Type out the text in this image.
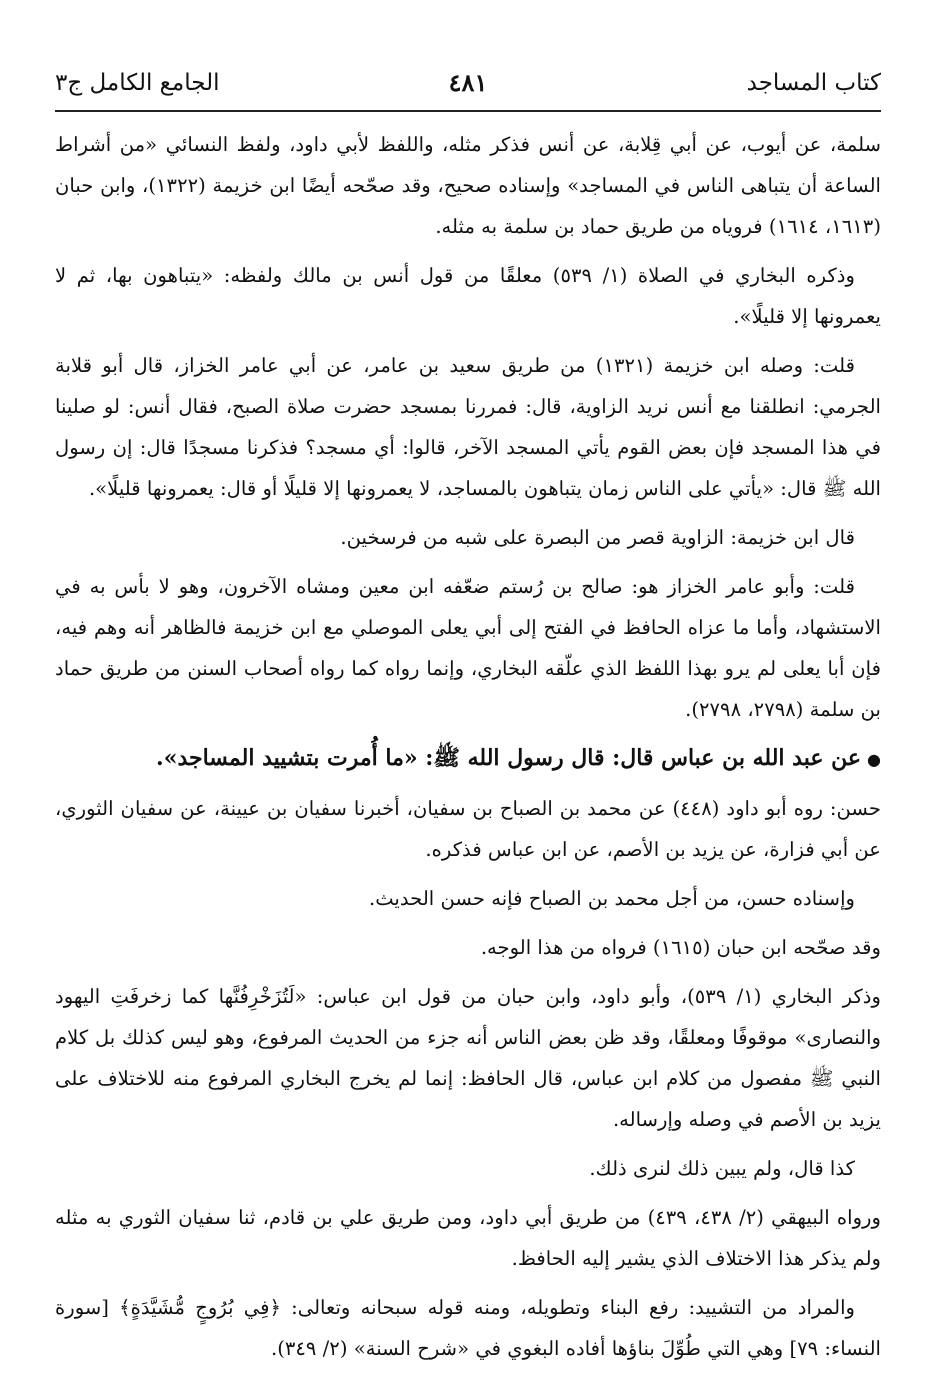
كتاب المساجد
٤٨١
الجامع الكامل ج٣

سلمة، عن أيوب، عن أبي قِلابة، عن أنس فذكر مثله، واللفظ لأبي داود، ولفظ النسائي «من أشراط الساعة أن يتباهى الناس في المساجد» وإسناده صحيح، وقد صحّحه أيضًا ابن خزيمة (١٣٢٢)، وابن حبان (١٦١٣، ١٦١٤) فروياه من طريق حماد بن سلمة به مثله.

وذكره البخاري في الصلاة (١/ ٥٣٩) معلقًا من قول أنس بن مالك ولفظه: «يتباهون بها، ثم لا يعمرونها إلا قليلًا».

قلت: وصله ابن خزيمة (١٣٢١) من طريق سعيد بن عامر، عن أبي عامر الخزاز، قال أبو قلابة الجرمي: انطلقنا مع أنس نريد الزاوية، قال: فمررنا بمسجد حضرت صلاة الصبح، فقال أنس: لو صلينا في هذا المسجد فإن بعض القوم يأتي المسجد الآخر، قالوا: أي مسجد؟ فذكرنا مسجدًا قال: إن رسول الله ﷺ قال: «يأتي على الناس زمان يتباهون بالمساجد، لا يعمرونها إلا قليلًا أو قال: يعمرونها قليلًا».

قال ابن خزيمة: الزاوية قصر من البصرة على شبه من فرسخين.

قلت: وأبو عامر الخزاز هو: صالح بن رُستم ضعّفه ابن معين ومشاه الآخرون، وهو لا بأس به في الاستشهاد، وأما ما عزاه الحافظ في الفتح إلى أبي يعلى الموصلي مع ابن خزيمة فالظاهر أنه وهم فيه، فإن أبا يعلى لم يرو بهذا اللفظ الذي علّقه البخاري، وإنما رواه كما رواه أصحاب السنن من طريق حماد بن سلمة (٢٧٩٨، ٢٧٩٨).

●عن عبد الله بن عباس قال: قال رسول الله ﷺ: «ما أُمرت بتشييد المساجد».

حسن: روه أبو داود (٤٤٨) عن محمد بن الصباح بن سفيان، أخبرنا سفيان بن عيينة، عن سفيان الثوري، عن أبي فزارة، عن يزيد بن الأصم، عن ابن عباس فذكره.

وإسناده حسن، من أجل محمد بن الصباح فإنه حسن الحديث.

وقد صحّحه ابن حبان (١٦١٥) فرواه من هذا الوجه.

وذكر البخاري (١/ ٥٣٩)، وأبو داود، وابن حبان من قول ابن عباس: «لَتُزَخْرِفُنَّها كما زخرفَتِ اليهود والنصارى» موقوفًا ومعلقًا، وقد ظن بعض الناس أنه جزء من الحديث المرفوع، وهو ليس كذلك بل كلام النبي ﷺ مفصول من كلام ابن عباس، قال الحافظ: إنما لم يخرج البخاري المرفوع منه للاختلاف على يزيد بن الأصم في وصله وإرساله.

كذا قال، ولم يبين ذلك لنرى ذلك.

ورواه البيهقي (٢/ ٤٣٨، ٤٣٩) من طريق أبي داود، ومن طريق علي بن قادم، ثنا سفيان الثوري به مثله ولم يذكر هذا الاختلاف الذي يشير إليه الحافظ.

والمراد من التشييد: رفع البناء وتطويله، ومنه قوله سبحانه وتعالى: ﴿فِي بُرُوجٍ مُّشَيَّدَةٍ﴾ [سورة النساء: ٧٩] وهي التي طُوِّلَ بناؤها أفاده البغوي في «شرح السنة» (٢/ ٣٤٩).
